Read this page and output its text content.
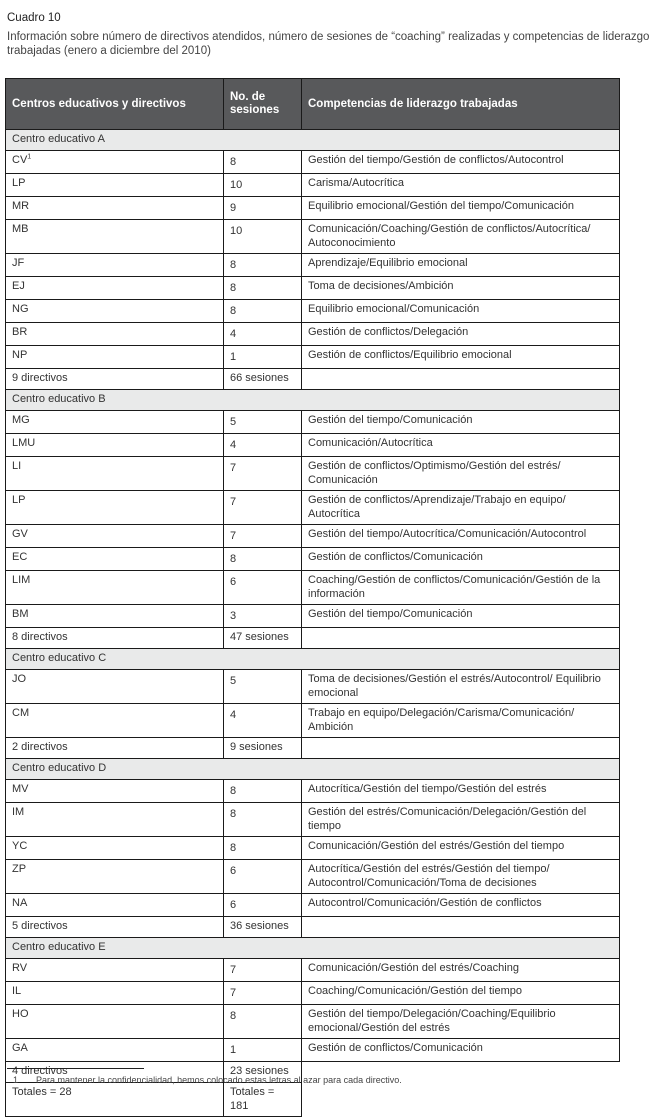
Cuadro 10
Información sobre número de directivos atendidos, número de sesiones de “coaching” realizadas y competencias de liderazgo trabajadas (enero a diciembre del 2010)
Centros educativos y directivos	No. de sesiones	Competencias de liderazgo trabajadas
Centro educativo A		
CV$^1$	8	Gestión del tiempo/Gestión de conflictos/Autocontrol
LP	10	Carisma/Autocrítica
MR	9	Equilibrio emocional/Gestión del tiempo/Comunicación
MB	10	Comunicación/Coaching/Gestión de conflictos/Autocrítica/ Autoconocimiento
JF	8	Aprendizaje/Equilibrio emocional
EJ	8	Toma de decisiones/Ambición
NG	8	Equilibrio emocional/Comunicación
BR	4	Gestión de conflictos/Delegación
NP	1	Gestión de conflictos/Equilibrio emocional
9 directivos	66 sesiones	
Centro educativo B		
MG	5	Gestión del tiempo/Comunicación
LMU	4	Comunicación/Autocrítica
LI	7	Gestión de conflictos/Optimismo/Gestión del estrés/ Comunicación
LP	7	Gestión de conflictos/Aprendizaje/Trabajo en equipo/ Autocrítica
GV	7	Gestión del tiempo/Autocrítica/Comunicación/Autocontrol
EC	8	Gestión de conflictos/Comunicación
LIM	6	Coaching/Gestión de conflictos/Comunicación/Gestión de la información
BM	3	Gestión del tiempo/Comunicación
8 directivos	47 sesiones	
Centro educativo C		
JO	5	Toma de decisiones/Gestión el estrés/Autocontrol/ Equilibrio emocional
CM	4	Trabajo en equipo/Delegación/Carisma/Comunicación/ Ambición
2 directivos	9 sesiones	
Centro educativo D		
MV	8	Autocrítica/Gestión del tiempo/Gestión del estrés
IM	8	Gestión del estrés/Comunicación/Delegación/Gestión del tiempo
YC	8	Comunicación/Gestión del estrés/Gestión del tiempo
ZP	6	Autocrítica/Gestión del estrés/Gestión del tiempo/ Autocontrol/Comunicación/Toma de decisiones
NA	6	Autocontrol/Comunicación/Gestión de conflictos
5 directivos	36 sesiones	
Centro educativo E		
RV	7	Comunicación/Gestión del estrés/Coaching
IL	7	Coaching/Comunicación/Gestión del tiempo
HO	8	Gestión del tiempo/Delegación/Coaching/Equilibrio emocional/Gestión del estrés
GA	1	Gestión de conflictos/Comunicación
4 directivos	23 sesiones	
Totales = 28	Totales = 181	
1 Para mantener la confidencialidad, hemos colocado estas letras al azar para cada directivo.
